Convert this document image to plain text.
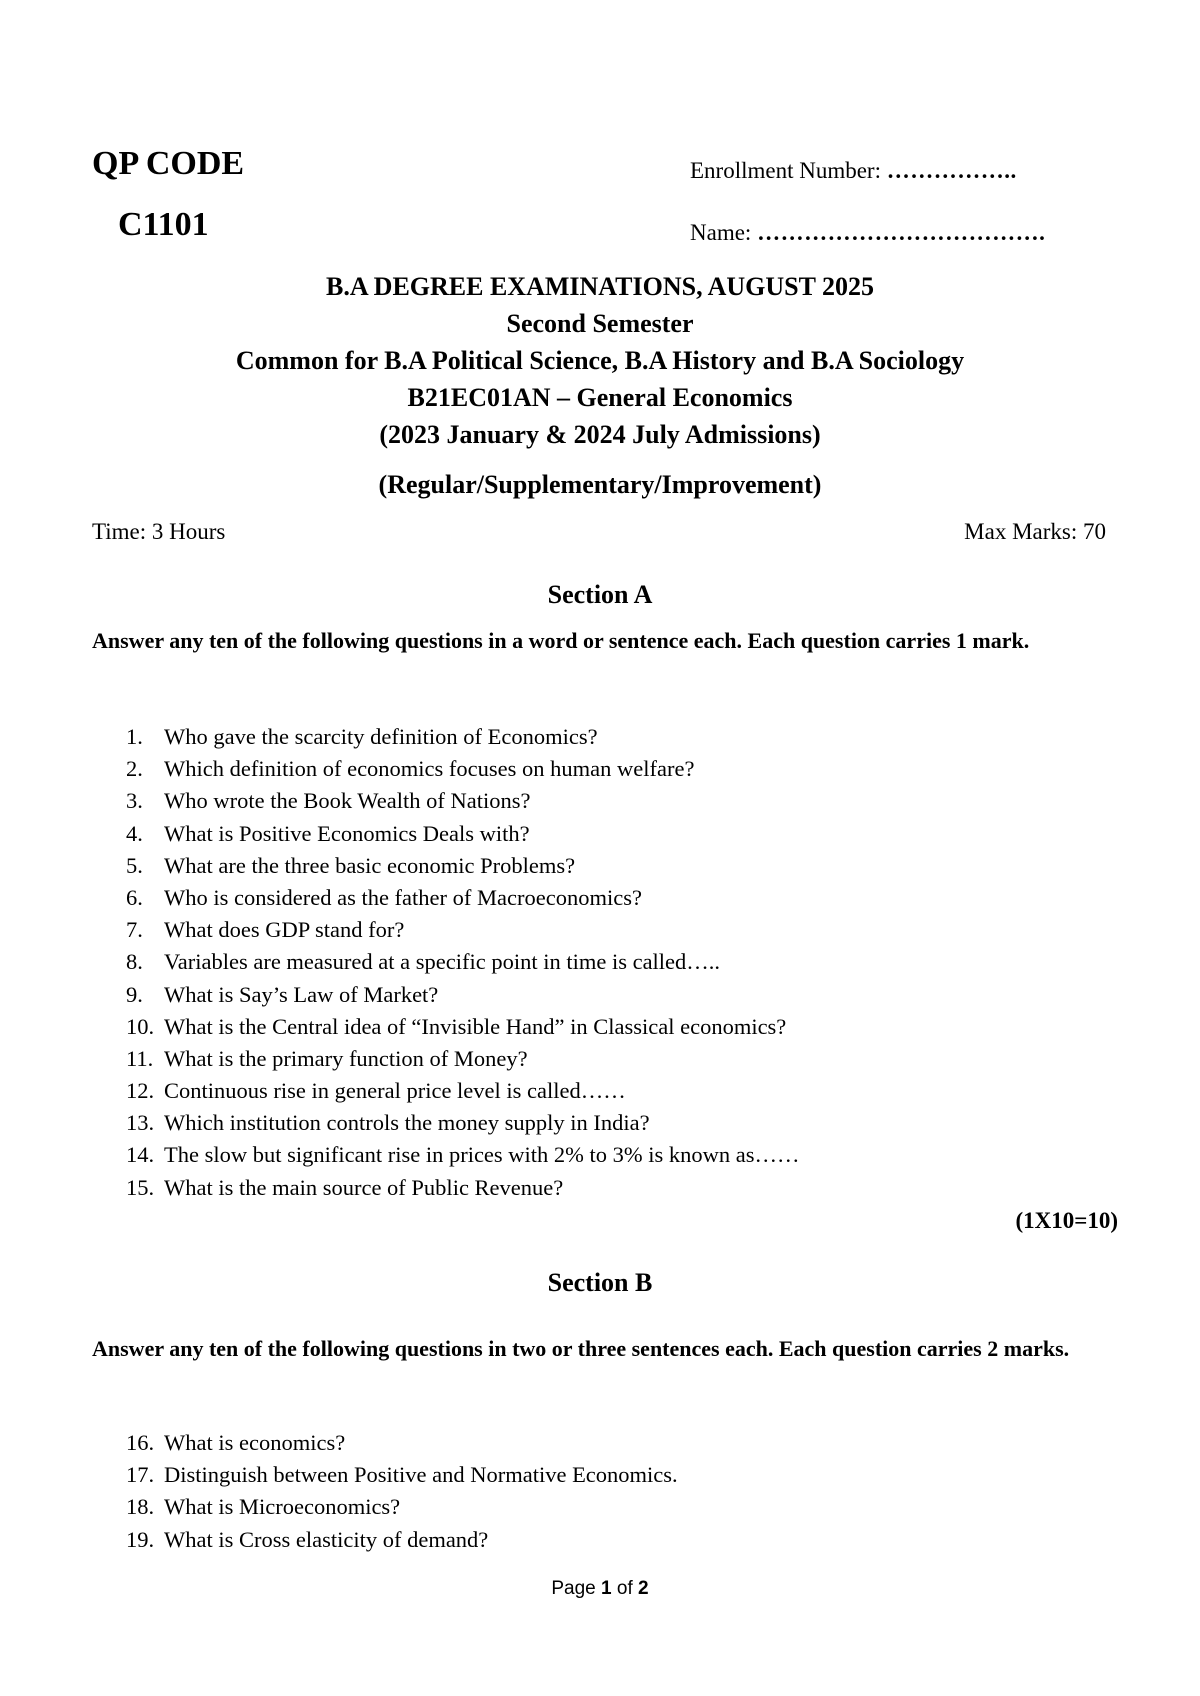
QP CODE
C1101
Enrollment Number: ……………..
Name: ……………………………….
B.A DEGREE EXAMINATIONS, AUGUST 2025
Second Semester
Common for B.A Political Science, B.A History and B.A Sociology
B21EC01AN – General Economics
(2023 January & 2024 July Admissions)
(Regular/Supplementary/Improvement)
Time: 3 Hours	Max Marks: 70
Section A
Answer any ten of the following questions in a word or sentence each. Each question carries 1 mark.
1. Who gave the scarcity definition of Economics?
2. Which definition of economics focuses on human welfare?
3. Who wrote the Book Wealth of Nations?
4. What is Positive Economics Deals with?
5. What are the three basic economic Problems?
6. Who is considered as the father of Macroeconomics?
7. What does GDP stand for?
8. Variables are measured at a specific point in time is called…..
9. What is Say’s Law of Market?
10. What is the Central idea of “Invisible Hand” in Classical economics?
11. What is the primary function of Money?
12. Continuous rise in general price level is called……
13. Which institution controls the money supply in India?
14. The slow but significant rise in prices with 2% to 3% is known as……
15. What is the main source of Public Revenue?
(1X10=10)
Section B
Answer any ten of the following questions in two or three sentences each. Each question carries 2 marks.
16. What is economics?
17. Distinguish between Positive and Normative Economics.
18. What is Microeconomics?
19. What is Cross elasticity of demand?
Page 1 of 2
